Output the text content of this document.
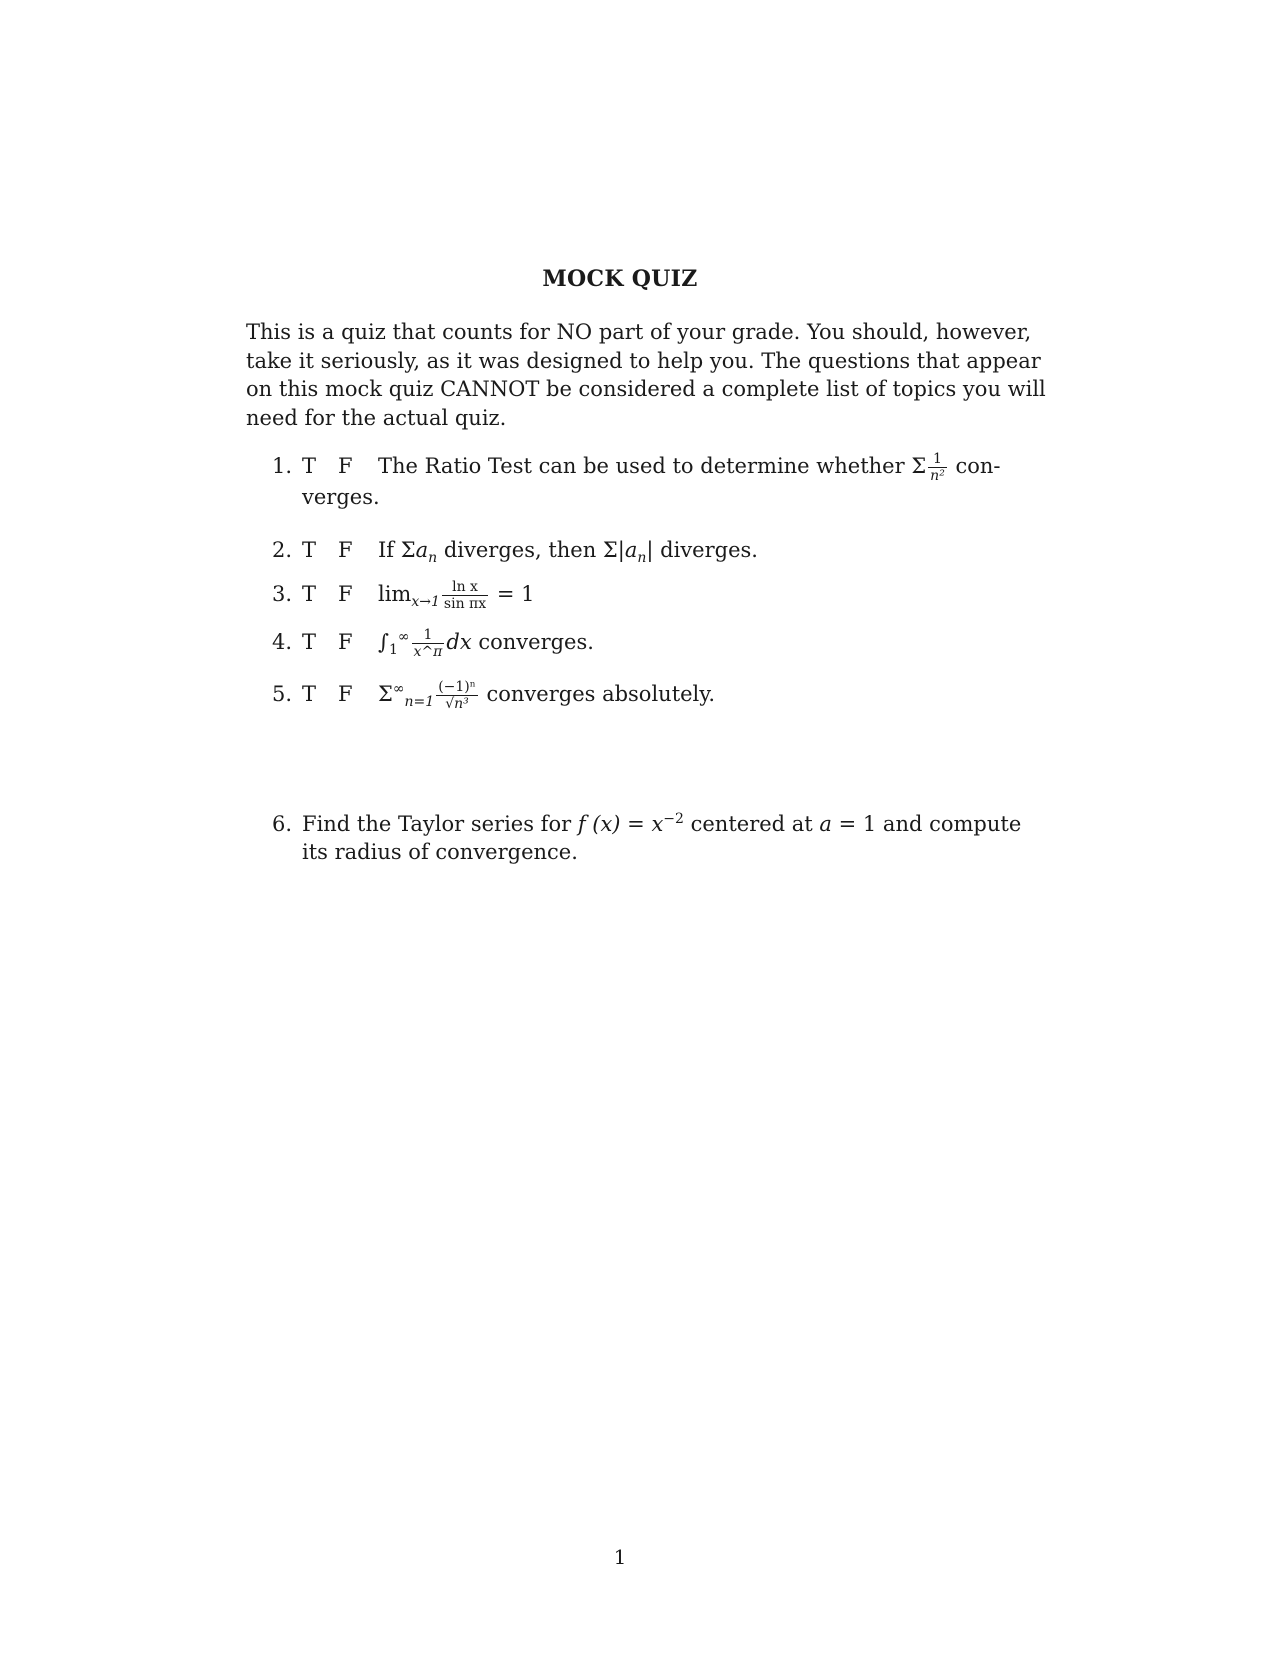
MOCK QUIZ
This is a quiz that counts for NO part of your grade. You should, however,
take it seriously, as it was designed to help you. The questions that appear
on this mock quiz CANNOT be considered a complete list of topics you will
need for the actual quiz.
1. T F The Ratio Test can be used to determine whether Σ $\frac{1}{\text{n²}} con-$
verges.
2. T F If $\Sigma a_n$ diverges, then $\Sigma|a_n|$ diverges.
3. T F $\lim_{x\to 1} \frac{\text{ln x}}{\text{sin πx}} = 1$
4. T F $\int_1^\infty \frac{1}{x\^{}\pi}$ dx converges.
5. T F $\Sigma^\infty_{n=1} \frac{\text{(−1)ⁿ}}{\text{√n³}}$ converges absolutely.
6. Find the Taylor series for f $(x) = x^{-2}$ centered at a = 1 and compute
its radius of convergence.
1
